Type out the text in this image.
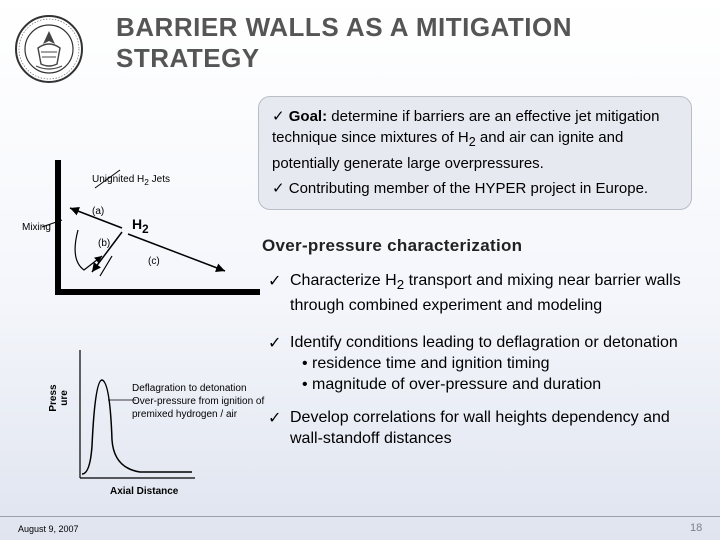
BARRIER WALLS AS A MITIGATION STRATEGY
✓ Goal: determine if barriers are an effective jet mitigation technique since mixtures of $H_2$ and air can ignite and potentially generate large overpressures.
✓ Contributing member of the HYPER project in Europe.
Unignited $H_2$ Jets
(a)
(b)
(c)
Mixing	$H_2$
Press ure
Axial Distance
Deflagration to detonation Over-pressure from ignition of premixed hydrogen / air
Over-pressure characterization
✓ Characterize $H_2$ transport and mixing near barrier walls through combined experiment and modeling
✓ Identify conditions leading to deflagration or detonation
• residence time and ignition timing
• magnitude of over-pressure and duration
✓ Develop correlations for wall heights dependency and wall-standoff distances
August 9, 2007	18
